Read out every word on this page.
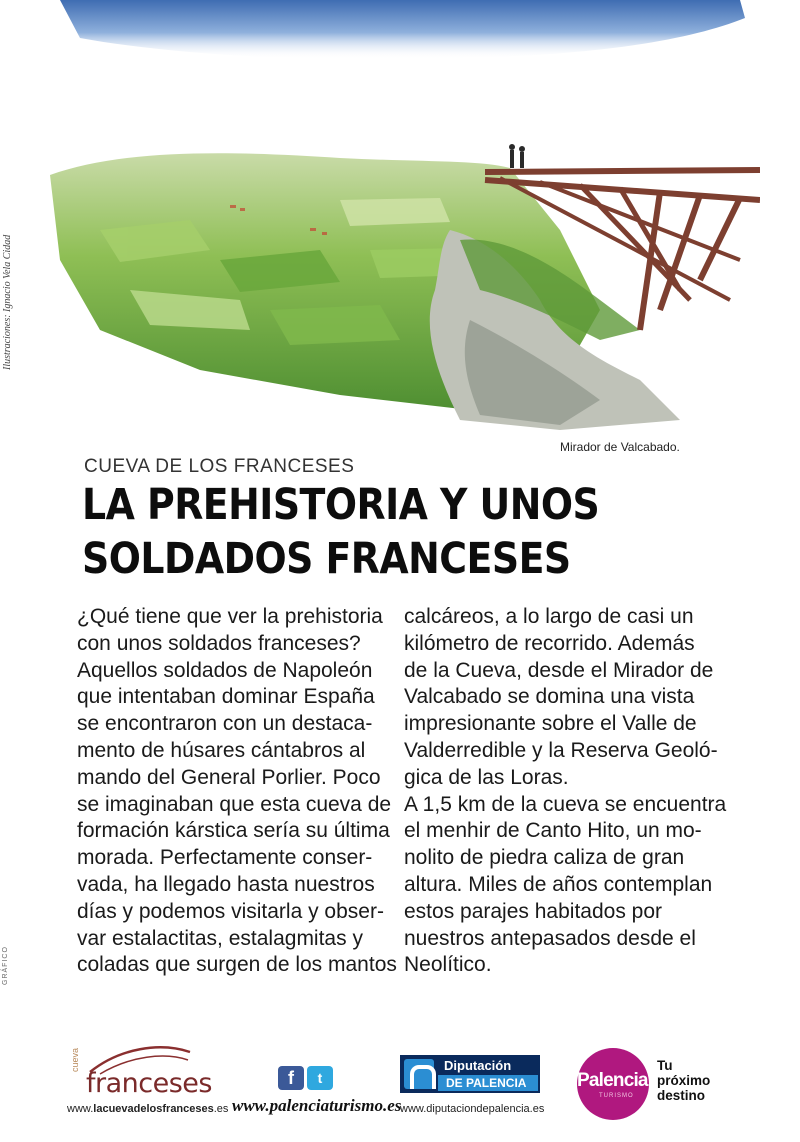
Ilustraciones: Ignacio Vela Cidad
GRÁFICO
Mirador de Valcabado.
CUEVA DE LOS FRANCESES
LA PREHISTORIA Y UNOS
SOLDADOS FRANCESES
¿Qué tiene que ver la prehistoria
con unos soldados franceses?
Aquellos soldados de Napoleón
que intentaban dominar España
se encontraron con un destaca-
mento de húsares cántabros al
mando del General Porlier. Poco
se imaginaban que esta cueva de
formación kárstica sería su última
morada. Perfectamente conser-
vada, ha llegado hasta nuestros
días y podemos visitarla y obser-
var estalactitas, estalagmitas y
coladas que surgen de los mantos
calcáreos, a lo largo de casi un
kilómetro de recorrido. Además
de la Cueva, desde el Mirador de
Valcabado se domina una vista
impresionante sobre el Valle de
Valderredible y la Reserva Geoló-
gica de las Loras.
A 1,5 km de la cueva se encuentra
el menhir de Canto Hito, un mo-
nolito de piedra caliza de gran
altura. Miles de años contemplan
estos parajes habitados por
nuestros antepasados desde el
Neolítico.
cueva
franceses
www.lacuevadelosfranceses.es
f	t
www.palenciaturismo.es
Diputación
DE PALENCIA
www.diputaciondepalencia.es
Palencia
TURISMO
Tu
próximo
destino
